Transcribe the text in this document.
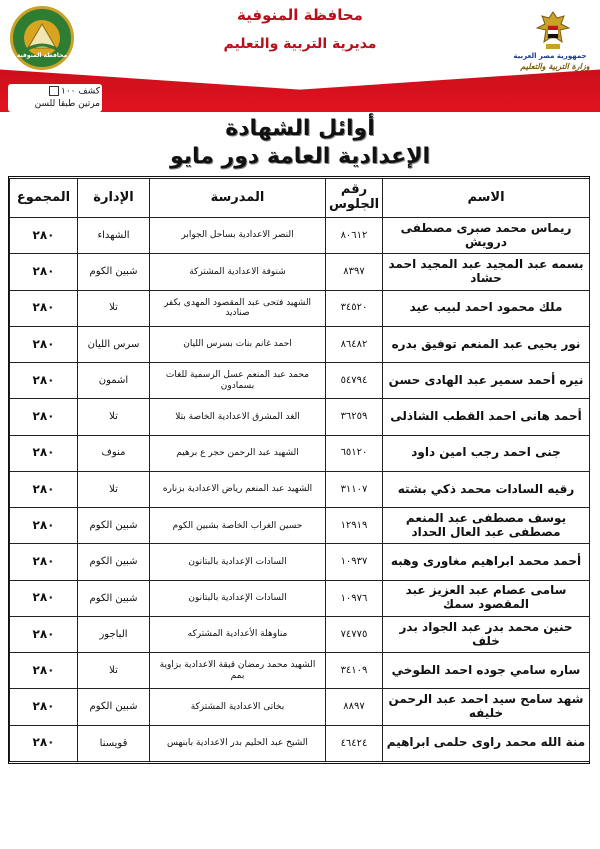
محافظة المنوفية
مديرية التربية والتعليم
لجنة النظام والمراقبة للشهادة الإعدادية العامة
محافظة المنوفية	جمهورية مصر العربية
وزارة التربية والتعليم
كشف ١٠٠
مرتين طبقا للسن
أوائل الشهادة
الإعدادية العامة دور مايو
الاسم	رقم الجلوس	المدرسة	الإدارة	المجموع
ريماس محمد صبرى مصطفى درويش	٨٠٦١٢	النصر الاعدادية بساحل الجوابر	الشهداء	٢٨٠
بسمه عبد المجيد عبد المجيد احمد حشاد	٨٣٩٧	شنوفة الاعدادية المشتركة	شبين الكوم	٢٨٠
ملك محمود احمد لبيب عيد	٣٤٥٢٠	الشهيد فتحى عبد المقصود المهدى بكفر صناديد	تلا	٢٨٠
نور يحيى عبد المنعم توفيق بدره	٨٦٤٨٢	احمد غانم بنات بسرس الليان	سرس الليان	٢٨٠
نيره أحمد سمير عبد الهادى حسن	٥٤٧٩٤	محمد عبد المنعم عسل الرسمية للغات بسمادون	اشمون	٢٨٠
أحمد هانى احمد القطب الشاذلى	٣٦٢٥٩	الغد المشرق الاعدادية الخاصة بتلا	تلا	٢٨٠
جنى احمد رجب امين داود	٦٥١٢٠	الشهيد عبد الرحمن حجر ع برهيم	منوف	٢٨٠
رقيه السادات محمد ذكي بشته	٣١١٠٧	الشهيد عبد المنعم رياض الاعدادية بزناره	تلا	٢٨٠
يوسف مصطفى عبد المنعم مصطفى عبد العال الحداد	١٢٩١٩	حسين الغراب الخاصة بشبين الكوم	شبين الكوم	٢٨٠
أحمد محمد ابراهيم مغاورى وهبه	١٠٩٣٧	السادات الإعدادية بالبتانون	شبين الكوم	٢٨٠
سامى عصام عبد العزيز عبد المقصود سمك	١٠٩٧٦	السادات الإعدادية بالبتانون	شبين الكوم	٢٨٠
حنين محمد بدر عبد الجواد بدر خلف	٧٤٧٧٥	مناوهلة الأعدادية المشتركه	الباجور	٢٨٠
ساره سامي جوده احمد الطوخي	٣٤١٠٩	الشهيد محمد رمضان قيقة الاعدادية بزاوية بمم	تلا	٢٨٠
شهد سامح سيد احمد عبد الرحمن خليفه	٨٨٩٧	بخاتى الاعدادية المشتركة	شبين الكوم	٢٨٠
منة الله محمد راوى حلمى ابراهيم	٤٦٤٢٤	الشيخ عبد الحليم بدر الاعدادية بابنهس	قويسنا	٢٨٠
